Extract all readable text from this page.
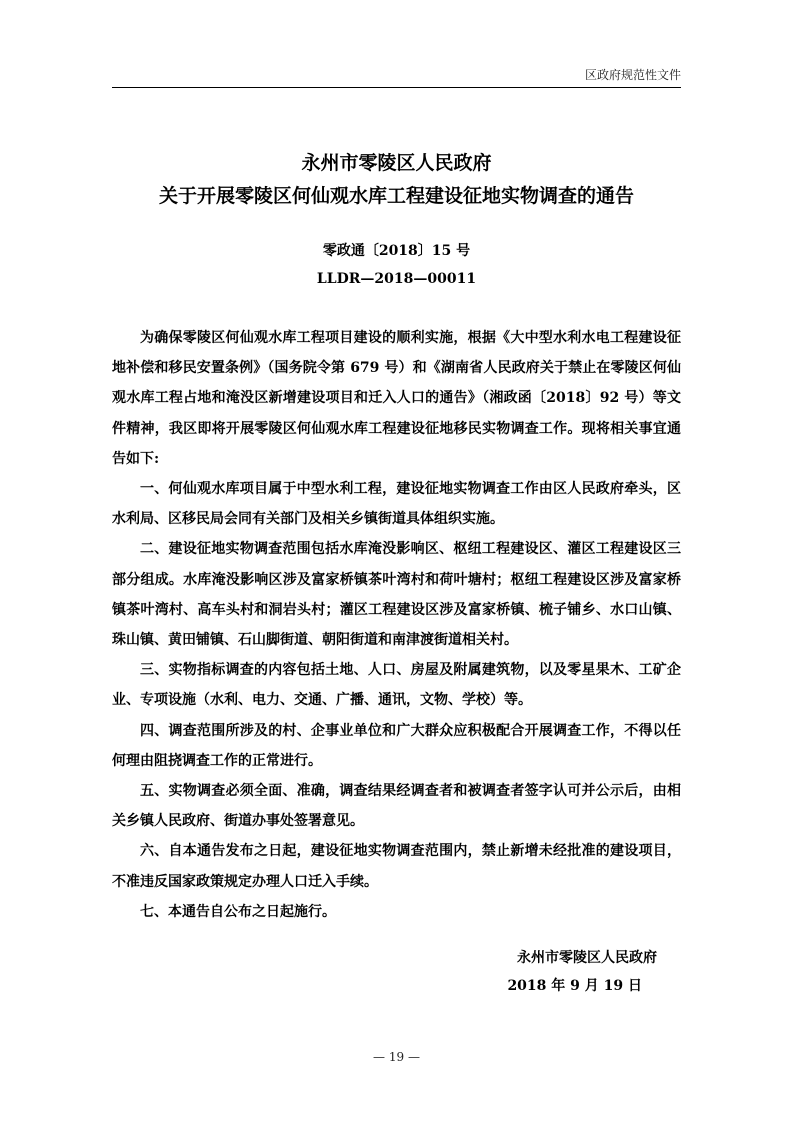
区政府规范性文件
永州市零陵区人民政府
关于开展零陵区何仙观水库工程建设征地实物调查的通告
零政通〔2018〕15 号
LLDR—2018—00011

为确保零陵区何仙观水库工程项目建设的顺利实施，根据《大中型水利水电工程建设征地补偿和移民安置条例》（国务院令第 679 号）和《湖南省人民政府关于禁止在零陵区何仙观水库工程占地和淹没区新增建设项目和迁入人口的通告》（湘政函〔2018〕92 号）等文件精神，我区即将开展零陵区何仙观水库工程建设征地移民实物调查工作。现将相关事宜通告如下:

一、何仙观水库项目属于中型水利工程，建设征地实物调查工作由区人民政府牵头，区水利局、区移民局会同有关部门及相关乡镇街道具体组织实施。

二、建设征地实物调查范围包括水库淹没影响区、枢纽工程建设区、灌区工程建设区三部分组成。水库淹没影响区涉及富家桥镇茶叶湾村和荷叶塘村；枢纽工程建设区涉及富家桥镇茶叶湾村、高车头村和洞岩头村；灌区工程建设区涉及富家桥镇、梳子铺乡、水口山镇、珠山镇、黄田铺镇、石山脚街道、朝阳街道和南津渡街道相关村。

三、实物指标调查的内容包括土地、人口、房屋及附属建筑物，以及零星果木、工矿企业、专项设施（水利、电力、交通、广播、通讯，文物、学校）等。

四、调查范围所涉及的村、企事业单位和广大群众应积极配合开展调查工作，不得以任何理由阻挠调查工作的正常进行。

五、实物调查必须全面、准确，调查结果经调查者和被调查者签字认可并公示后，由相关乡镇人民政府、街道办事处签署意见。

六、自本通告发布之日起，建设征地实物调查范围内，禁止新增未经批准的建设项目，不准违反国家政策规定办理人口迁入手续。

七、本通告自公布之日起施行。

永州市零陵区人民政府
2018 年 9 月 19 日
— 19 —
